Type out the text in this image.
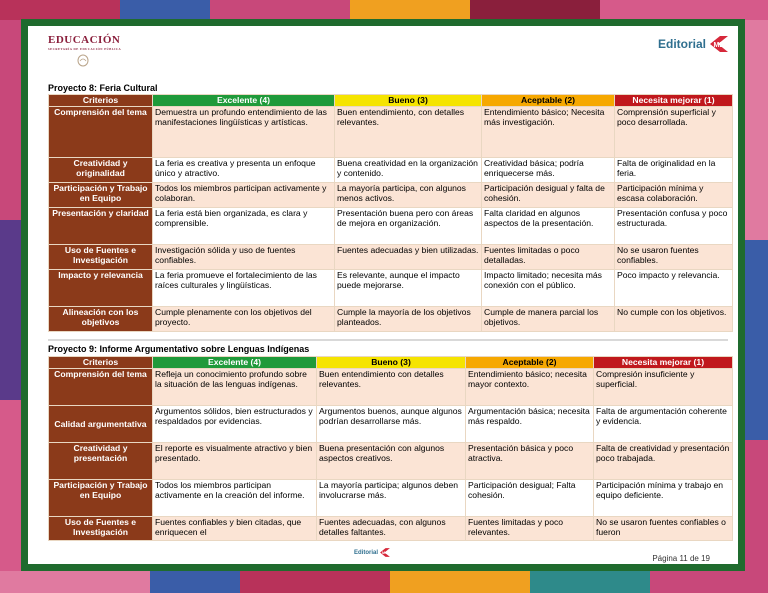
EDUCACIÓN
SECRETARÍA DE EDUCACIÓN PÚBLICA	Editorial MD
Proyecto 8: Feria Cultural
Criterios	Excelente (4)	Bueno (3)	Aceptable (2)	Necesita mejorar (1)
Comprensión del tema	Demuestra un profundo entendimiento de las manifestaciones lingüísticas y artísticas.	Buen entendimiento, con detalles relevantes.	Entendimiento básico; Necesita más investigación.	Comprensión superficial y poco desarrollada.
Creatividad y originalidad	La feria es creativa y presenta un enfoque único y atractivo.	Buena creatividad en la organización y contenido.	Creatividad básica; podría enriquecerse más.	Falta de originalidad en la feria.
Participación y Trabajo en Equipo	Todos los miembros participan activamente y colaboran.	La mayoría participa, con algunos menos activos.	Participación desigual y falta de cohesión.	Participación mínima y escasa colaboración.
Presentación y claridad	La feria está bien organizada, es clara y comprensible.	Presentación buena pero con áreas de mejora en organización.	Falta claridad en algunos aspectos de la presentación.	Presentación confusa y poco estructurada.
Uso de Fuentes e Investigación	Investigación sólida y uso de fuentes confiables.	Fuentes adecuadas y bien utilizadas.	Fuentes limitadas o poco detalladas.	No se usaron fuentes confiables.
Impacto y relevancia	La feria promueve el fortalecimiento de las raíces culturales y lingüísticas.	Es relevante, aunque el impacto puede mejorarse.	Impacto limitado; necesita más conexión con el público.	Poco impacto y relevancia.
Alineación con los objetivos	Cumple plenamente con los objetivos del proyecto.	Cumple la mayoría de los objetivos planteados.	Cumple de manera parcial los objetivos.	No cumple con los objetivos.
Proyecto 9: Informe Argumentativo sobre Lenguas Indígenas
Criterios	Excelente (4)	Bueno (3)	Aceptable (2)	Necesita mejorar (1)
Comprensión del tema	Refleja un conocimiento profundo sobre la situación de las lenguas indígenas.	Buen entendimiento con detalles relevantes.	Entendimiento básico; necesita mayor contexto.	Compresión insuficiente y superficial.
Calidad argumentativa	Argumentos sólidos, bien estructurados y respaldados por evidencias.	Argumentos buenos, aunque algunos podrían desarrollarse más.	Argumentación básica; necesita más respaldo.	Falta de argumentación coherente y evidencia.
Creatividad y presentación	El reporte es visualmente atractivo y bien presentado.	Buena presentación con algunos aspectos creativos.	Presentación básica y poco atractiva.	Falta de creatividad y presentación poco trabajada.
Participación y Trabajo en Equipo	Todos los miembros participan activamente en la creación del informe.	La mayoría participa; algunos deben involucrarse más.	Participación desigual; Falta cohesión.	Participación mínima y trabajo en equipo deficiente.
Uso de Fuentes e Investigación	Fuentes confiables y bien citadas, que enriquecen el	Fuentes adecuadas, con algunos detalles faltantes.	Fuentes limitadas y poco relevantes.	No se usaron fuentes confiables o fueron
Editorial MD
Página 11 de 19
